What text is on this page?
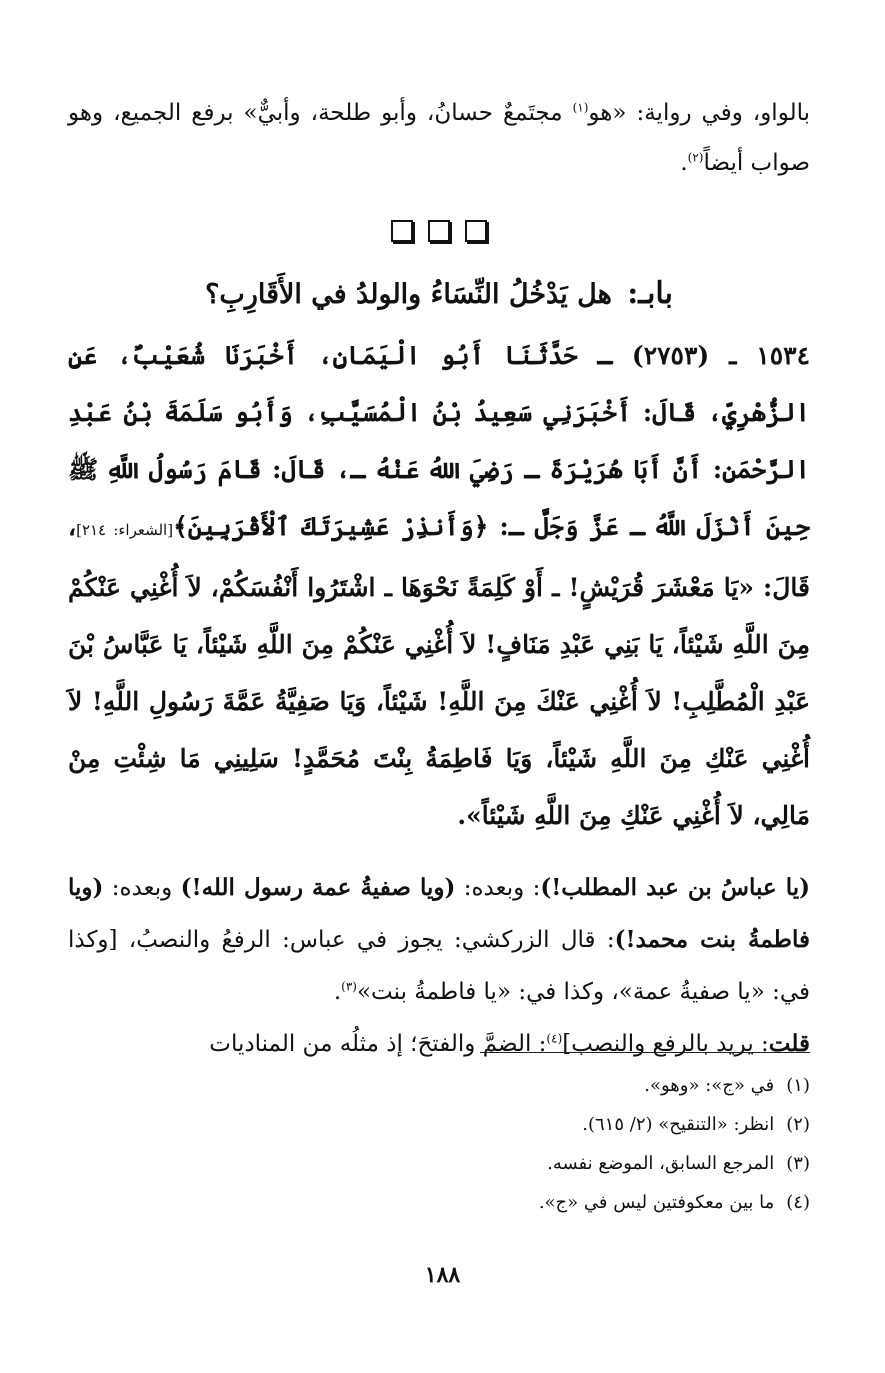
بالواو، وفي رواية: «هو$^{(١)}$ مجتَمعٌ حسانُ، وأبو طلحة، وأبيٌّ» برفع الجميع، وهو صواب أيضاً$^{(٢)}$.

بابـ: هل يَدْخُلُ النِّسَاءُ والولدُ في الأَقَارِبِ؟

١٥٣٤ ـ (٢٧٥٣) ـ حَدَّثَنَا أَبُو الْيَمَانِ، أَخْبَرَنَا شُعَيْبٌ، عَنِ الزُّهْرِيِّ، قَالَ: أَخْبَرَنِي سَعِيدُ بْنُ الْمُسَيَّبِ، وَأَبُو سَلَمَةَ بْنُ عَبْدِ الرَّحْمَنِ: أَنَّ أَبَا هُرَيْرَةَ ـ رَضِيَ اللهُ عَنْهُ ـ، قَالَ: قَامَ رَسُولُ اللَّهِ ﷺ حِينَ أَنْزَلَ اللَّهُ ـ عَزَّ وَجَلَّ ـ: ﴿وَأَنذِرْ عَشِيرَتَكَ ٱلْأَقْرَبِينَ﴾[الشعراء: ٢١٤]، قَالَ: «يَا مَعْشَرَ قُرَيْشٍ! ـ أَوْ كَلِمَةً نَحْوَهَا ـ اشْتَرُوا أَنْفُسَكُمْ، لاَ أُغْنِي عَنْكُمْ مِنَ اللَّهِ شَيْئاً، يَا بَنِي عَبْدِ مَنَافٍ! لاَ أُغْنِي عَنْكُمْ مِنَ اللَّهِ شَيْئاً، يَا عَبَّاسُ بْنَ عَبْدِ الْمُطَّلِبِ! لاَ أُغْنِي عَنْكَ مِنَ اللَّهِ! شَيْئاً، وَيَا صَفِيَّةُ عَمَّةَ رَسُولِ اللَّهِ! لاَ أُغْنِي عَنْكِ مِنَ اللَّهِ شَيْئاً، وَيَا فَاطِمَةُ بِنْتَ مُحَمَّدٍ! سَلِينِي مَا شِئْتِ مِنْ مَالِي، لاَ أُغْنِي عَنْكِ مِنَ اللَّهِ شَيْئاً».

(يا عباسُ بن عبد المطلب!): وبعده: (ويا صفيةُ عمة رسول الله!) وبعده: (ويا فاطمةُ بنت محمد!): قال الزركشي: يجوز في عباس: الرفعُ والنصبُ، [وكذا في: «يا صفيةُ عمة»، وكذا في: «يا فاطمةُ بنت»$^{(٣)}$.

قلت: يريد بالرفع والنصب]$^{(٤)}$: الضمَّ والفتحَ؛ إذ مثلُه من المناديات

(١)في «ج»: «وهو».

(٢)انظر: «التنقيح» (٢/ ٦١٥).

(٣)المرجع السابق، الموضع نفسه.

(٤)ما بين معكوفتين ليس في «ج».

١٨٨
